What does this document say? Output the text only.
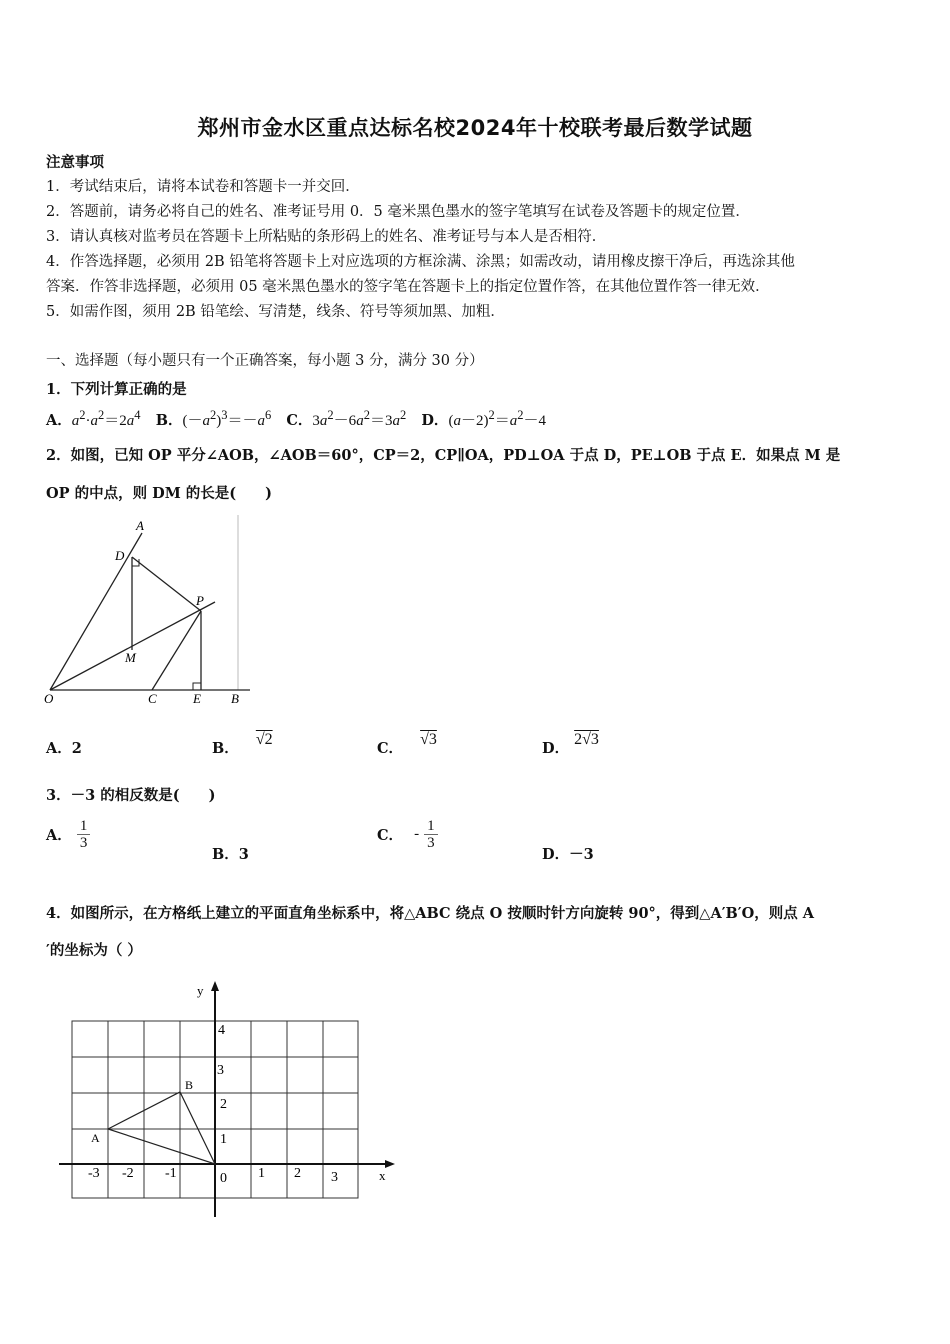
郑州市金水区重点达标名校2024年十校联考最后数学试题
注意事项
1．考试结束后，请将本试卷和答题卡一并交回．
2．答题前，请务必将自己的姓名、准考证号用 0．5 毫米黑色墨水的签字笔填写在试卷及答题卡的规定位置．
3．请认真核对监考员在答题卡上所粘贴的条形码上的姓名、准考证号与本人是否相符．
4．作答选择题，必须用 2B 铅笔将答题卡上对应选项的方框涂满、涂黑；如需改动，请用橡皮擦干净后，再选涂其他
答案．作答非选择题，必须用 05 毫米黑色墨水的签字笔在答题卡上的指定位置作答，在其他位置作答一律无效．
5．如需作图，须用 2B 铅笔绘、写清楚，线条、符号等须加黑、加粗．
一、选择题（每小题只有一个正确答案，每小题 3 分，满分 30 分）
1．下列计算正确的是
A．$a^2\cdot a^2=2a^4$ B．$(-a^2)^3=-a^6$ C．$3a^2-6a^2=3a^2$ D．$(a-2)^2=a^2-4$
2．如图，已知 OP 平分∠AOB，∠AOB＝60°，CP＝2，CP∥OA，PD⊥OA 于点 D，PE⊥OB 于点 E．如果点 M 是
OP 的中点，则 DM 的长是(　　)
A
D
P
M
O	C	E B
A．2	B． √2
C． √3
D． 2√3
3．－3 的相反数是(　　)
A． $\frac{1}{3}$
B．3
C． - $\frac{1}{3}$
D．－3
4．如图所示，在方格纸上建立的平面直角坐标系中，将△ABC 绕点 O 按顺时针方向旋转 90°，得到△A′B′O，则点 A
′的坐标为（ ）
x
y
-3 -2 -1	0 1 2 3
1
2
3
4
A
B
